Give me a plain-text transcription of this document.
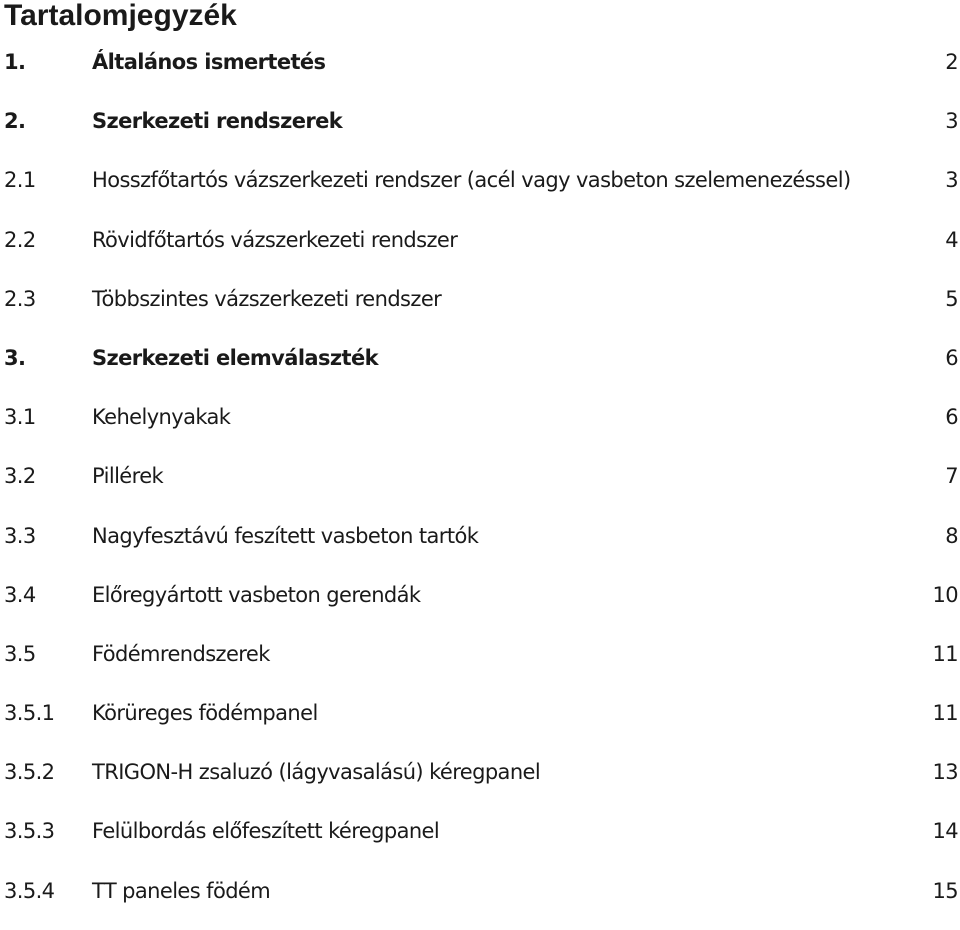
Tartalomjegyzék
1.	Általános ismertetés	2
2.	Szerkezeti rendszerek	3
2.1	Hosszfőtartós vázszerkezeti rendszer (acél vagy vasbeton szelemenezéssel)	3
2.2	Rövidfőtartós vázszerkezeti rendszer	4
2.3	Többszintes vázszerkezeti rendszer	5
3.	Szerkezeti elemválaszték	6
3.1	Kehelynyakak	6
3.2	Pillérek	7
3.3	Nagyfesztávú feszített vasbeton tartók	8
3.4	Előregyártott vasbeton gerendák	10
3.5	Födémrendszerek	11
3.5.1 Körüreges födémpanel	11
3.5.2 TRIGON-H zsaluzó (lágyvasalású) kéregpanel	13
3.5.3 Felülbordás előfeszített kéregpanel	14
3.5.4 TT paneles födém	15
